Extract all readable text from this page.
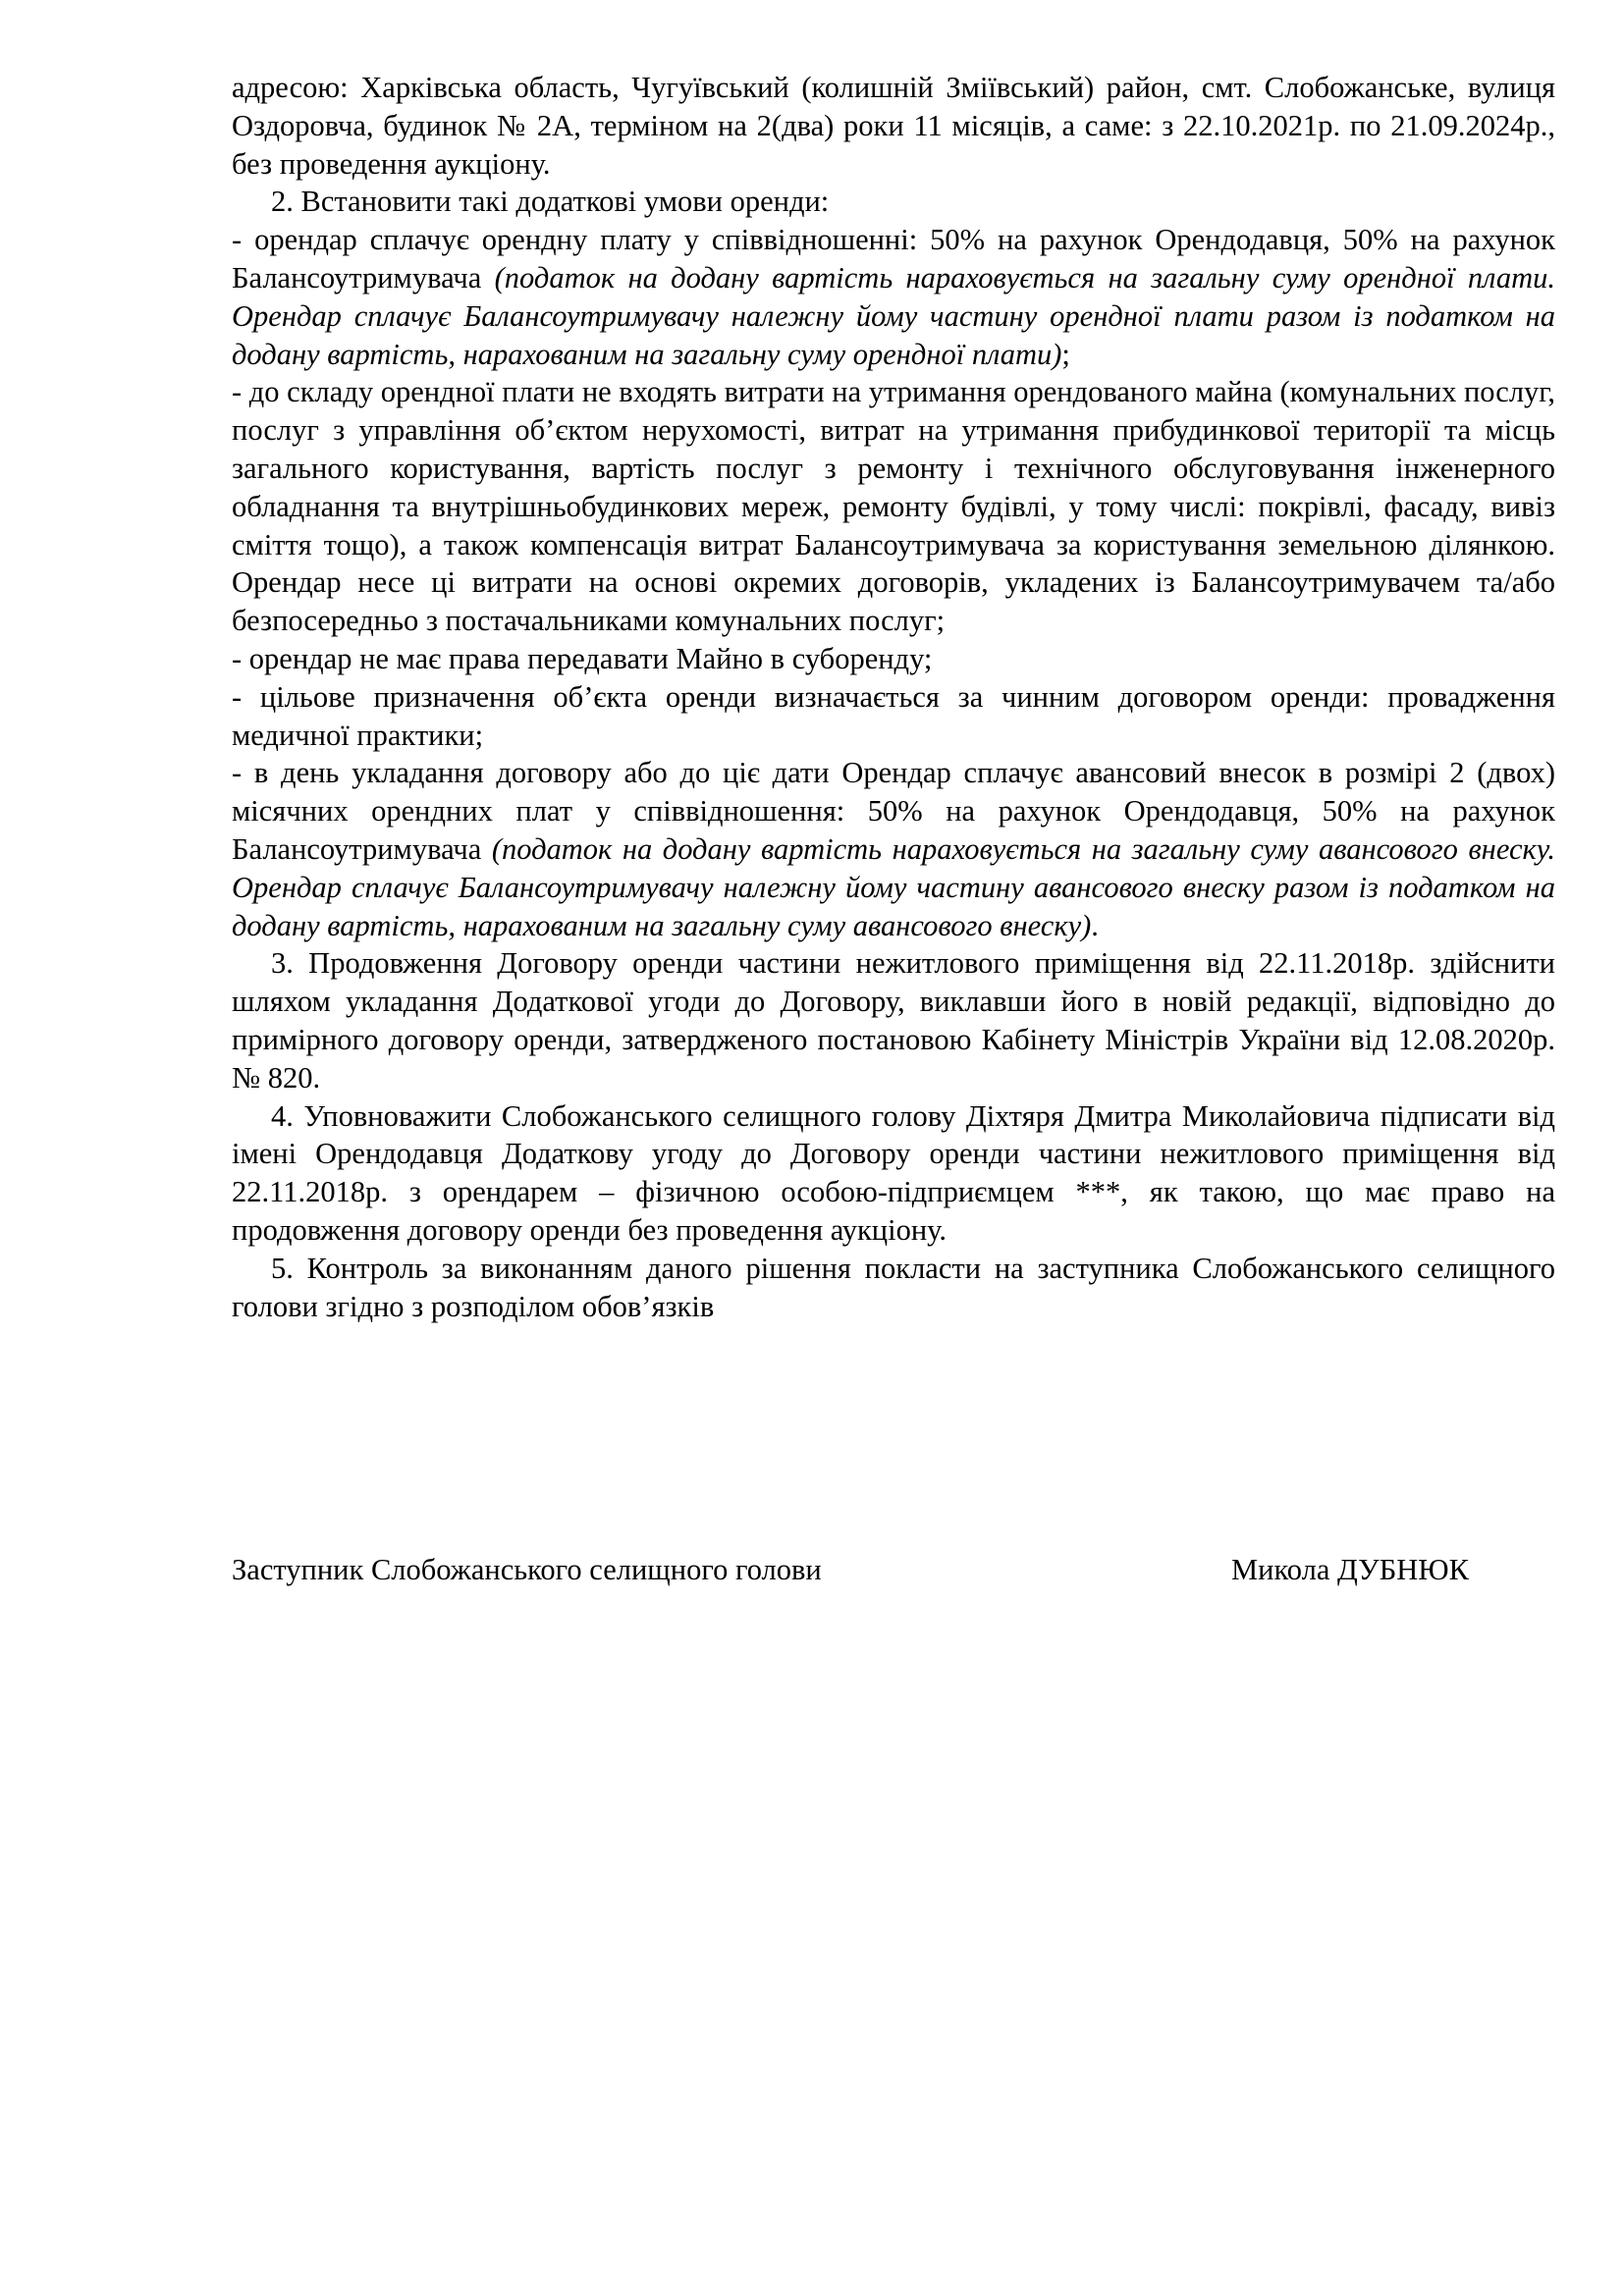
адресою: Харківська область, Чугуївський (колишній Зміївський) район, смт. Слобожанське, вулиця Оздоровча, будинок № 2А, терміном на 2(два) роки 11 місяців, а саме: з 22.10.2021р. по 21.09.2024р., без проведення аукціону.

2. Встановити такі додаткові умови оренди:

- орендар сплачує орендну плату у співвідношенні: 50% на рахунок Орендодавця, 50% на рахунок Балансоутримувача (податок на додану вартість нараховується на загальну суму орендної плати. Орендар сплачує Балансоутримувачу належну йому частину орендної плати разом із податком на додану вартість, нарахованим на загальну суму орендної плати);

- до складу орендної плати не входять витрати на утримання орендованого майна (комунальних послуг, послуг з управління об’єктом нерухомості, витрат на утримання прибудинкової території та місць загального користування, вартість послуг з ремонту і технічного обслуговування інженерного обладнання та внутрішньобудинкових мереж, ремонту будівлі, у тому числі: покрівлі, фасаду, вивіз сміття тощо), а також компенсація витрат Балансоутримувача за користування земельною ділянкою. Орендар несе ці витрати на основі окремих договорів, укладених із Балансоутримувачем та/або безпосередньо з постачальниками комунальних послуг;

- орендар не має права передавати Майно в суборенду;

- цільове призначення об’єкта оренди визначається за чинним договором оренди: провадження медичної практики;

- в день укладання договору або до ціє дати Орендар сплачує авансовий внесок в розмірі 2 (двох) місячних орендних плат у співвідношення: 50% на рахунок Орендодавця, 50% на рахунок Балансоутримувача (податок на додану вартість нараховується на загальну суму авансового внеску. Орендар сплачує Балансоутримувачу належну йому частину авансового внеску разом із податком на додану вартість, нарахованим на загальну суму авансового внеску).

3. Продовження Договору оренди частини нежитлового приміщення від 22.11.2018р. здійснити шляхом укладання Додаткової угоди до Договору, виклавши його в новій редакції, відповідно до примірного договору оренди, затвердженого постановою Кабінету Міністрів України від 12.08.2020р. № 820.

4. Уповноважити Слобожанського селищного голову Діхтяря Дмитра Миколайовича підписати від імені Орендодавця Додаткову угоду до Договору оренди частини нежитлового приміщення від 22.11.2018р. з орендарем – фізичною особою-підприємцем ***, як такою, що має право на продовження договору оренди без проведення аукціону.

5. Контроль за виконанням даного рішення покласти на заступника Слобожанського селищного голови згідно з розподілом обов’язків

Заступник Слобожанського селищного голови	Микола ДУБНЮК
